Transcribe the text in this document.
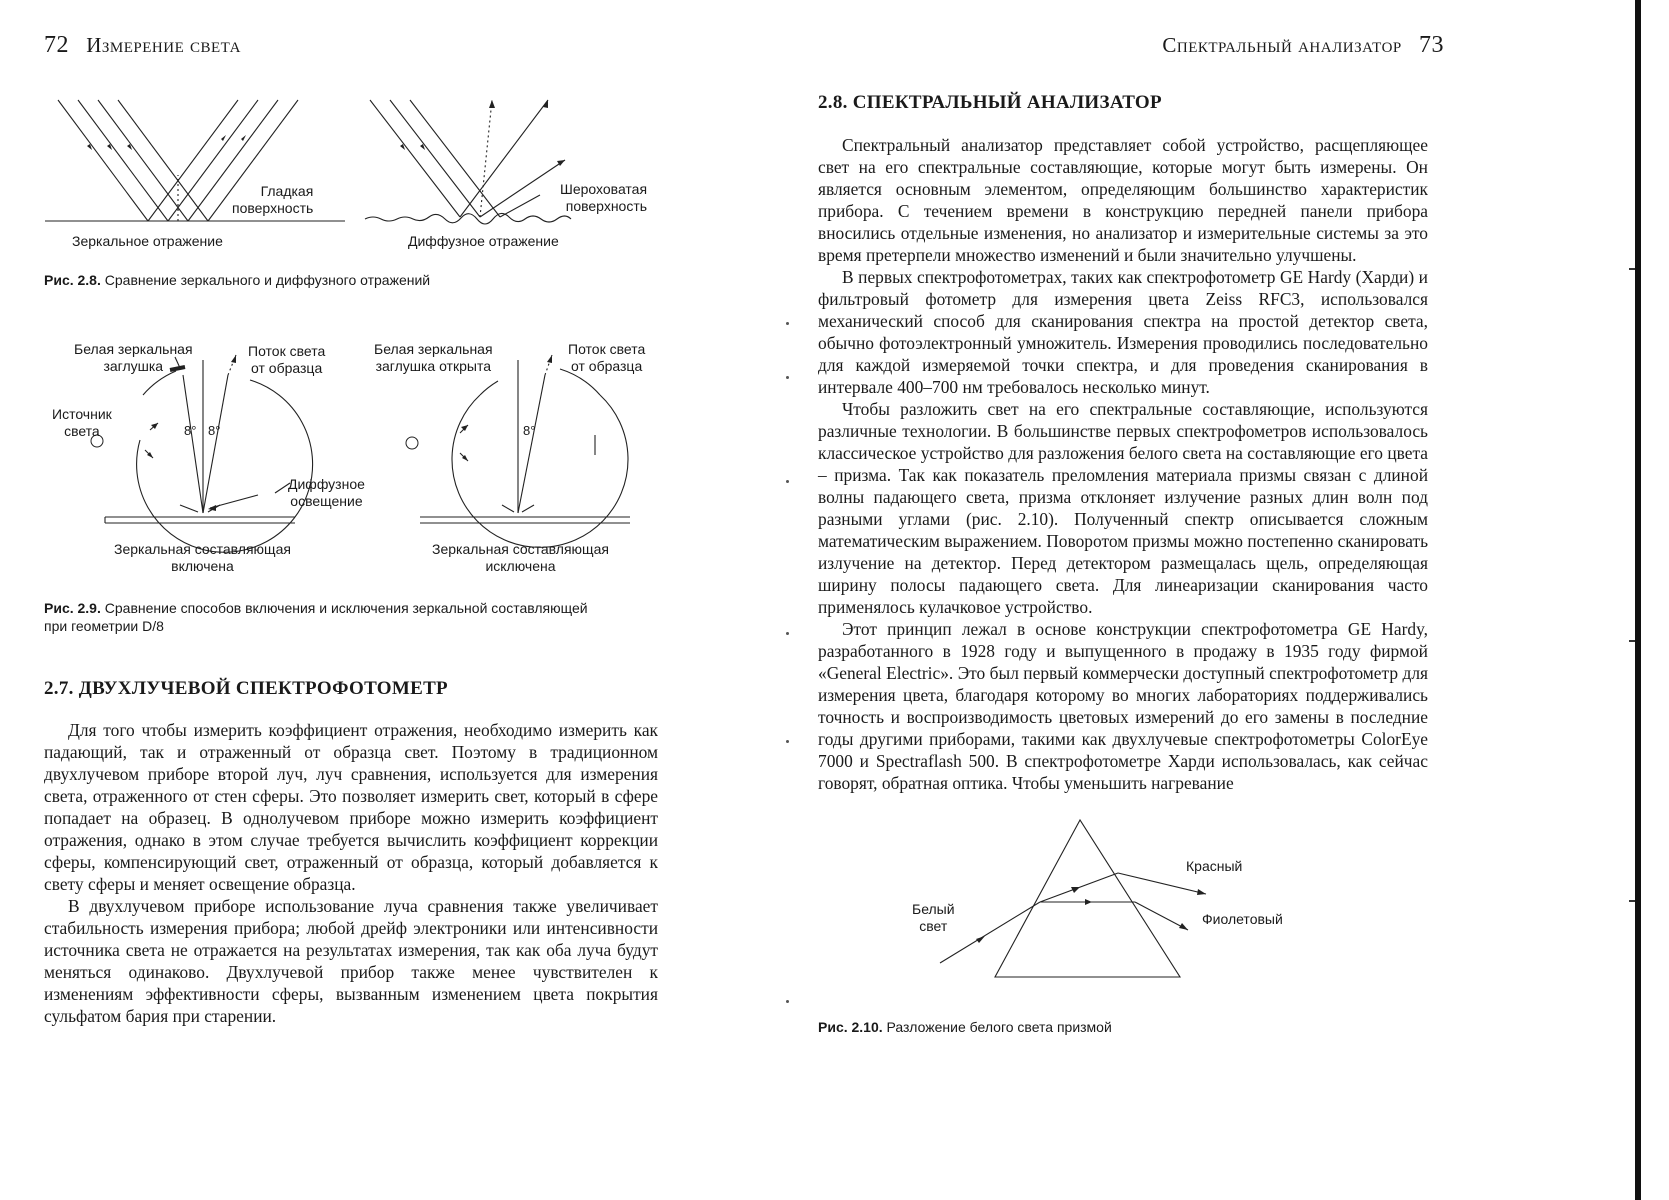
72 Измерение света
Гладкая
поверхность
Шероховатая
поверхность
Зеркальное отражение	Диффузное отражение
Рис. 2.8. Сравнение зеркального и диффузного отражений
8° 8°	8°
Белая зеркальная
заглушка
Поток света
от образца
Источник
света
Диффузное
освещение
Зеркальная составляющая
включена
Белая зеркальная
заглушка открыта
Поток света
от образца
Зеркальная составляющая
исключена
Рис. 2.9. Сравнение способов включения и исключения зеркальной составляющей
при геометрии D/8
2.7. ДВУХЛУЧЕВОЙ СПЕКТРОФОТОМЕТР

Для того чтобы измерить коэффициент отражения, необходимо измерить как падающий, так и отраженный от образца свет. Поэтому в традиционном двухлучевом приборе второй луч, луч сравнения, используется для измерения света, отраженного от стен сферы. Это позволяет измерить свет, который в сфере попадает на образец. В однолучевом приборе можно измерить коэффициент отражения, однако в этом случае требуется вычислить коэффициент коррекции сферы, компенсирующий свет, отраженный от образца, который добавляется к свету сферы и меняет освещение образца.

В двухлучевом приборе использование луча сравнения также увеличивает стабильность измерения прибора; любой дрейф электроники или интенсивности источника света не отражается на результатах измерения, так как оба луча будут меняться одинаково. Двухлучевой прибор также менее чувствителен к изменениям эффективности сферы, вызванным изменением цвета покрытия сульфатом бария при старении.

Спектральный анализатор 73
2.8. СПЕКТРАЛЬНЫЙ АНАЛИЗАТОР

Спектральный анализатор представляет собой устройство, расщепляющее свет на его спектральные составляющие, которые могут быть измерены. Он является основным элементом, определяющим большинство характеристик прибора. С течением времени в конструкцию передней панели прибора вносились отдельные изменения, но анализатор и измерительные системы за это время претерпели множество изменений и были значительно улучшены.

В первых спектрофотометрах, таких как спектрофотометр GE Hardy (Харди) и фильтровый фотометр для измерения цвета Zeiss RFC3, использовался механический способ для сканирования спектра на простой детектор света, обычно фотоэлектронный умножитель. Измерения проводились последовательно для каждой измеряемой точки спектра, и для проведения сканирования в интервале 400–700 нм требовалось несколько минут.

Чтобы разложить свет на его спектральные составляющие, используются различные технологии. В большинстве первых спектрофометров использовалось классическое устройство для разложения белого света на составляющие его цвета – призма. Так как показатель преломления материала призмы связан с длиной волны падающего света, призма отклоняет излучение разных длин волн под разными углами (рис. 2.10). Полученный спектр описывается сложным математическим выражением. Поворотом призмы можно постепенно сканировать излучение на детектор. Перед детектором размещалась щель, определяющая ширину полосы падающего света. Для линеаризации сканирования часто применялось кулачковое устройство.

Этот принцип лежал в основе конструкции спектрофотометра GE Hardy, разработанного в 1928 году и выпущенного в продажу в 1935 году фирмой «General Electric». Это был первый коммерчески доступный спектрофотометр для измерения цвета, благодаря которому во многих лабораториях поддерживались точность и воспроизводимость цветовых измерений до его замены в последние годы другими приборами, такими как двухлучевые спектрофотометры ColorEye 7000 и Spectraflash 500. В спектрофотометре Харди использовалась, как сейчас говорят, обратная оптика. Чтобы уменьшить нагревание

Белый
свет
Красный
Фиолетовый
Рис. 2.10. Разложение белого света призмой
